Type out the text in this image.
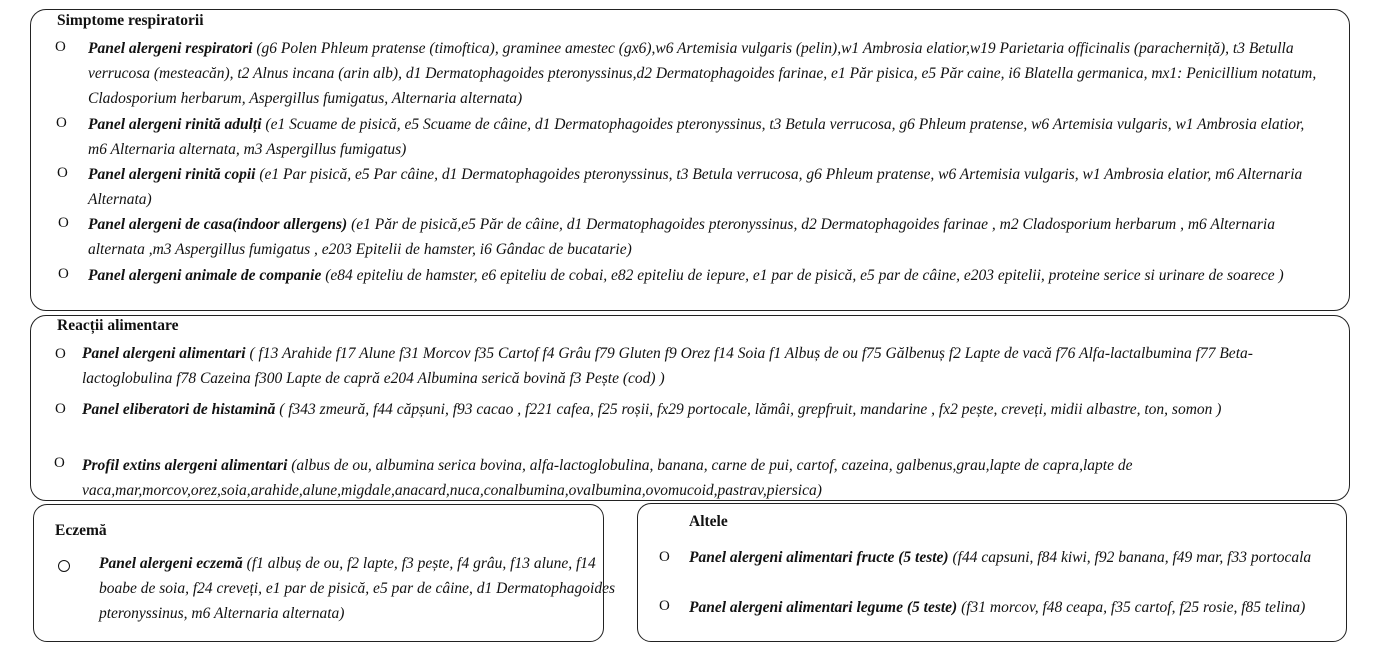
Simptome respiratorii
O Panel alergeni respiratori (g6 Polen Phleum pratense (timoftica), graminee amestec (gx6),w6 Artemisia vulgaris (pelin),w1 Ambrosia elatior,w19 Parietaria officinalis (paracherniță), t3 Betulla verrucosa (mesteacăn), t2 Alnus incana (arin alb), d1 Dermatophagoides pteronyssinus,d2 Dermatophagoides farinae, e1 Păr pisica, e5 Păr caine, i6 Blatella germanica, mx1: Penicillium notatum, Cladosporium herbarum, Aspergillus fumigatus, Alternaria alternata)
O Panel alergeni rinită adulți (e1 Scuame de pisică, e5 Scuame de câine, d1 Dermatophagoides pteronyssinus, t3 Betula verrucosa, g6 Phleum pratense, w6 Artemisia vulgaris, w1 Ambrosia elatior, m6 Alternaria alternata, m3 Aspergillus fumigatus)
O Panel alergeni rinită copii (e1 Par pisică, e5 Par câine, d1 Dermatophagoides pteronyssinus, t3 Betula verrucosa, g6 Phleum pratense, w6 Artemisia vulgaris, w1 Ambrosia elatior, m6 Alternaria Alternata)
O Panel alergeni de casa(indoor allergens) (e1 Păr de pisică,e5 Păr de câine, d1 Dermatophagoides pteronyssinus, d2 Dermatophagoides farinae , m2 Cladosporium herbarum , m6 Alternaria alternata ,m3 Aspergillus fumigatus , e203 Epitelii de hamster, i6 Gândac de bucatarie)
O Panel alergeni animale de companie (e84 epiteliu de hamster, e6 epiteliu de cobai, e82 epiteliu de iepure, e1 par de pisică, e5 par de câine, e203 epitelii, proteine serice si urinare de soarece )
Reacții alimentare
O Panel alergeni alimentari ( f13 Arahide f17 Alune f31 Morcov f35 Cartof f4 Grâu f79 Gluten f9 Orez f14 Soia f1 Albuș de ou f75 Gălbenuș f2 Lapte de vacă f76 Alfa-lactalbumina f77 Beta-lactoglobulina f78 Cazeina f300 Lapte de capră e204 Albumina serică bovină f3 Pește (cod) )
O Panel eliberatori de histamină ( f343 zmeură, f44 căpșuni, f93 cacao , f221 cafea, f25 roșii, fx29 portocale, lămâi, grepfruit, mandarine , fx2 pește, crevеți, midii albastre, ton, somon )
O Profil extins alergeni alimentari (albus de ou, albumina serica bovina, alfa-lactoglobulina, banana, carne de pui, cartof, cazeina, galbenus,grau,lapte de capra,lapte de vaca,mar,morcov,orez,soia,arahide,alune,migdale,anacard,nuca,conalbumina,ovalbumina,ovomucoid,pastrav,piersica)
Eczemă
Panel alergeni eczemă (f1 albuș de ou, f2 lapte, f3 pește, f4 grâu, f13 alune, f14 boabe de soia, f24 crevеți, e1 par de pisică, e5 par de câine, d1 Dermatophagoides pteronyssinus, m6 Alternaria alternata)
Altele
O Panel alergeni alimentari fructe (5 teste) (f44 capsuni, f84 kiwi, f92 banana, f49 mar, f33 portocala
O Panel alergeni alimentari legume (5 teste) (f31 morcov, f48 ceapa, f35 cartof, f25 rosie, f85 telina)
